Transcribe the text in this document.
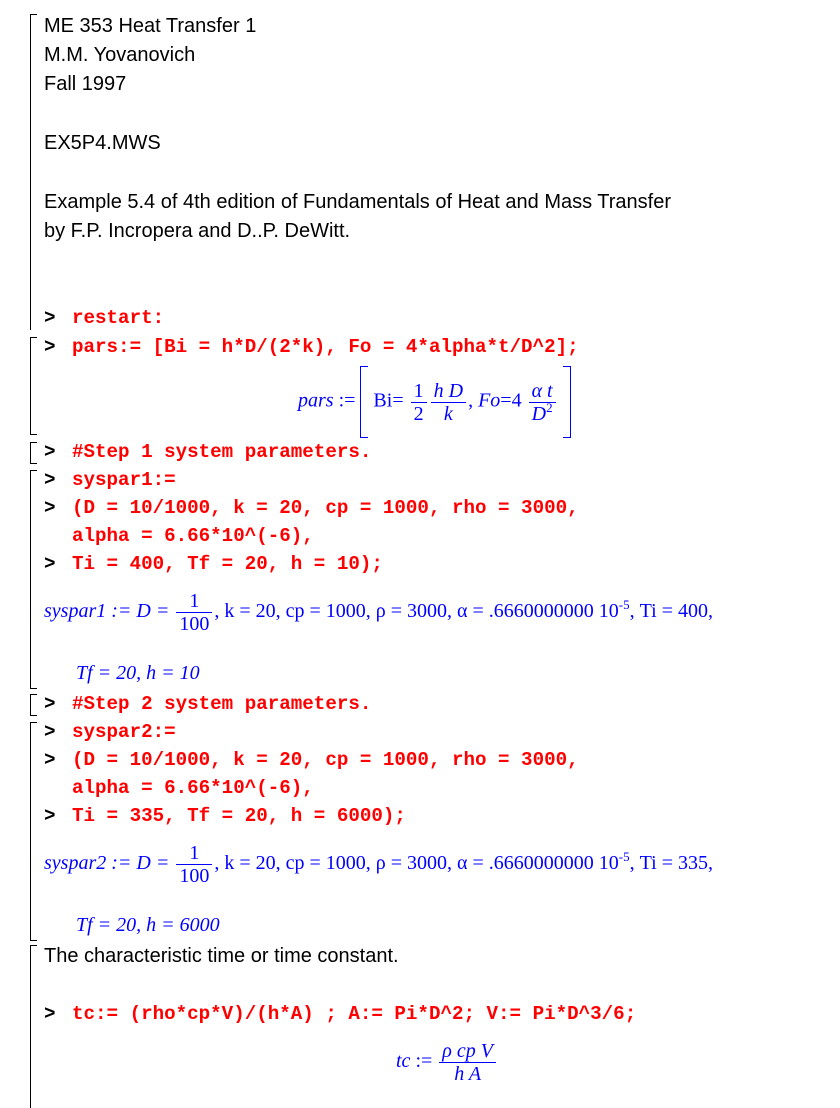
ME 353 Heat Transfer 1
M.M. Yovanovich
Fall 1997
EX5P4.MWS
Example 5.4 of 4th edition of Fundamentals of Heat and Mass Transfer
by F.P. Incropera and D..P. DeWitt.
> restart:
> pars:= [Bi = h*D/(2*k), Fo = 4*alpha*t/D^2];
pars := $Bi= \frac{1}{2} \frac{\text{h D}}{k}$ , $Fo=4 \frac{\text{α t}}{D^2}$

> #Step 1 system parameters.
> syspar1:=
> (D = 10/1000, k = 20, cp = 1000, rho = 3000,
alpha = 6.66*10^(-6),
> Ti = 400, Tf = 20, h = 10);
syspar1 := $D = \frac{1}{100}$ , k = 20, cp = 1000, ρ = 3000, α = .6660000000 $10^{-5}$, Ti = 400,
Tf = 20, h = 10
> #Step 2 system parameters.
> syspar2:=
> (D = 10/1000, k = 20, cp = 1000, rho = 3000,
alpha = 6.66*10^(-6),
> Ti = 335, Tf = 20, h = 6000);
syspar2 := $D = \frac{1}{100}$ , k = 20, cp = 1000, ρ = 3000, α = .6660000000 $10^{-5}$, Ti = 335,
Tf = 20, h = 6000
The characteristic time or time constant.
> tc:= (rho*cp*V)/(h*A) ; A:= Pi*D^2; V:= Pi*D^3/6;
tc := $\frac{\text{ρ cp V}}{\text{h A}}$
